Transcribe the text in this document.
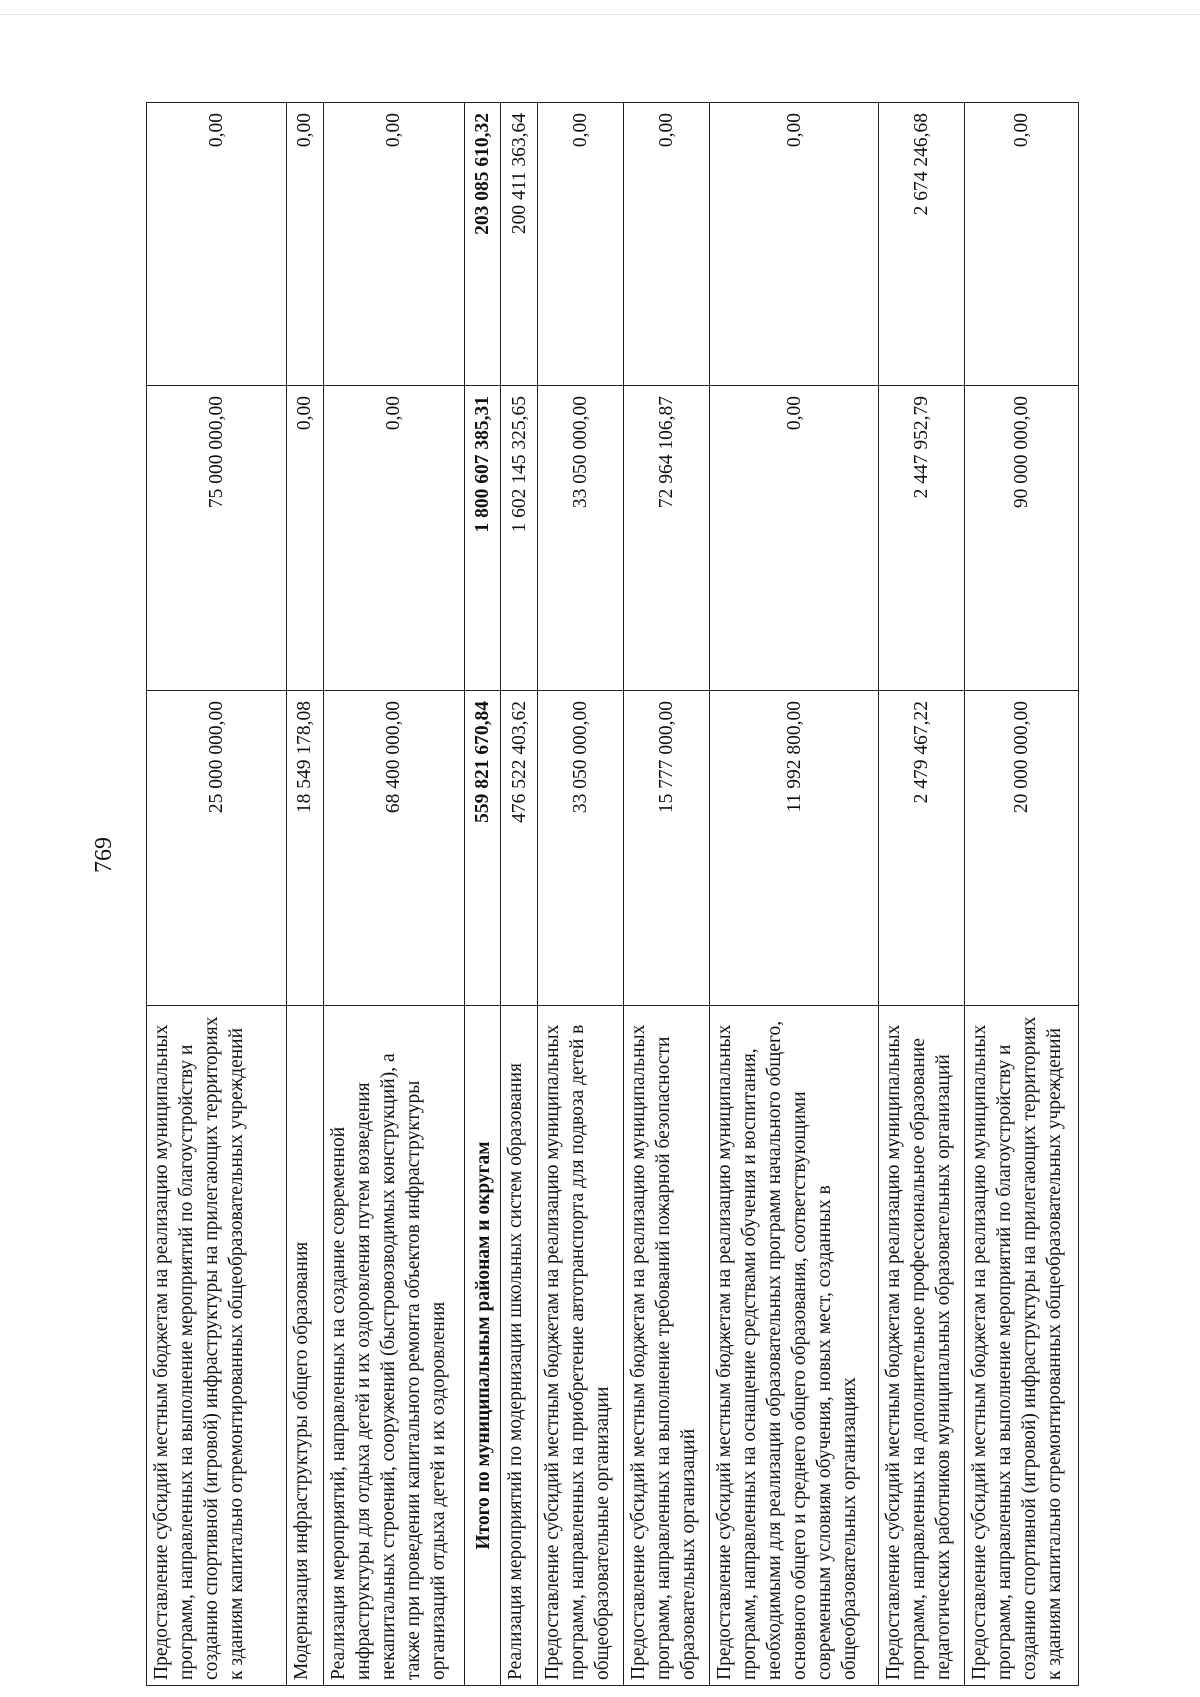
769
Предоставление субсидий местным бюджетам на реализацию муниципальных программ, направленных на выполнение мероприятий по благоустройству и созданию спортивной (игровой) инфраструктуры на прилегающих территориях к зданиям капитально отремонтированных общеобразовательных учреждений	25 000 000,00	75 000 000,00	0,00
Модернизация инфраструктуры общего образования	18 549 178,08	0,00	0,00
Реализация мероприятий, направленных на создание современной инфраструктуры для отдыха детей и их оздоровления путем возведения некапитальных строений, сооружений (быстровозводимых конструкций), а также при проведении капитального ремонта объектов инфраструктуры организаций отдыха детей и их оздоровления	68 400 000,00	0,00	0,00
Итого по муниципальным районам и округам	559 821 670,84	1 800 607 385,31	203 085 610,32
Реализация мероприятий по модернизации школьных систем образования	476 522 403,62	1 602 145 325,65	200 411 363,64
Предоставление субсидий местным бюджетам на реализацию муниципальных программ, направленных на приобретение автотранспорта для подвоза детей в общеобразовательные организации	33 050 000,00	33 050 000,00	0,00
Предоставление субсидий местным бюджетам на реализацию муниципальных программ, направленных на выполнение требований пожарной безопасности образовательных организаций	15 777 000,00	72 964 106,87	0,00
Предоставление субсидий местным бюджетам на реализацию муниципальных программ, направленных на оснащение средствами обучения и воспитания, необходимыми для реализации образовательных программ начального общего, основного общего и среднего общего образования, соответствующими современным условиям обучения, новых мест, созданных в общеобразовательных организациях	11 992 800,00	0,00	0,00
Предоставление субсидий местным бюджетам на реализацию муниципальных программ, направленных на дополнительное профессиональное образование педагогических работников муниципальных образовательных организаций	2 479 467,22	2 447 952,79	2 674 246,68
Предоставление субсидий местным бюджетам на реализацию муниципальных программ, направленных на выполнение мероприятий по благоустройству и созданию спортивной (игровой) инфраструктуры на прилегающих территориях к зданиям капитально отремонтированных общеобразовательных учреждений	20 000 000,00	90 000 000,00	0,00
